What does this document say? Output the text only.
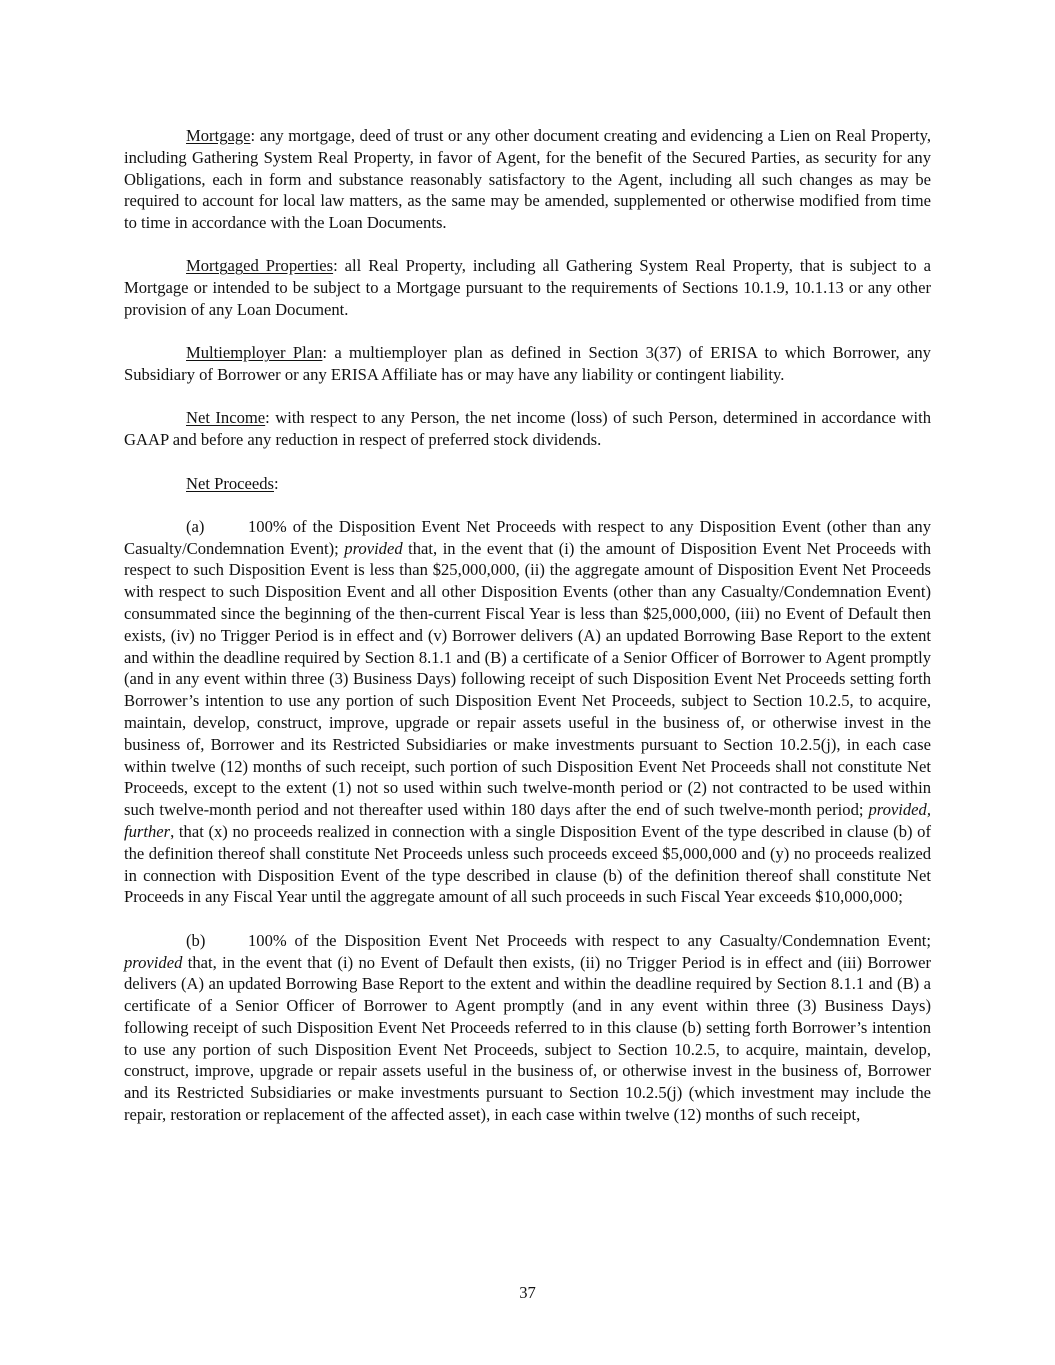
Mortgage: any mortgage, deed of trust or any other document creating and evidencing a Lien on Real Property, including Gathering System Real Property, in favor of Agent, for the benefit of the Secured Parties, as security for any Obligations, each in form and substance reasonably satisfactory to the Agent, including all such changes as may be required to account for local law matters, as the same may be amended, supplemented or otherwise modified from time to time in accordance with the Loan Documents.

Mortgaged Properties: all Real Property, including all Gathering System Real Property, that is subject to a Mortgage or intended to be subject to a Mortgage pursuant to the requirements of Sections 10.1.9, 10.1.13 or any other provision of any Loan Document.

Multiemployer Plan: a multiemployer plan as defined in Section 3(37) of ERISA to which Borrower, any Subsidiary of Borrower or any ERISA Affiliate has or may have any liability or contingent liability.

Net Income: with respect to any Person, the net income (loss) of such Person, determined in accordance with GAAP and before any reduction in respect of preferred stock dividends.

Net Proceeds:

(a)	100% of the Disposition Event Net Proceeds with respect to any Disposition Event (other than any Casualty/Condemnation Event); provided that, in the event that (i) the amount of Disposition Event Net Proceeds with respect to such Disposition Event is less than $25,000,000, (ii) the aggregate amount of Disposition Event Net Proceeds with respect to such Disposition Event and all other Disposition Events (other than any Casualty/Condemnation Event) consummated since the beginning of the then-current Fiscal Year is less than $25,000,000, (iii) no Event of Default then exists, (iv) no Trigger Period is in effect and (v) Borrower delivers (A) an updated Borrowing Base Report to the extent and within the deadline required by Section 8.1.1 and (B) a certificate of a Senior Officer of Borrower to Agent promptly (and in any event within three (3) Business Days) following receipt of such Disposition Event Net Proceeds setting forth Borrower’s intention to use any portion of such Disposition Event Net Proceeds, subject to Section 10.2.5, to acquire, maintain, develop, construct, improve, upgrade or repair assets useful in the business of, or otherwise invest in the business of, Borrower and its Restricted Subsidiaries or make investments pursuant to Section 10.2.5(j), in each case within twelve (12) months of such receipt, such portion of such Disposition Event Net Proceeds shall not constitute Net Proceeds, except to the extent (1) not so used within such twelve-month period or (2) not contracted to be used within such twelve-month period and not thereafter used within 180 days after the end of such twelve-month period; provided, further, that (x) no proceeds realized in connection with a single Disposition Event of the type described in clause (b) of the definition thereof shall constitute Net Proceeds unless such proceeds exceed $5,000,000 and (y) no proceeds realized in connection with Disposition Event of the type described in clause (b) of the definition thereof shall constitute Net Proceeds in any Fiscal Year until the aggregate amount of all such proceeds in such Fiscal Year exceeds $10,000,000;

(b)	100% of the Disposition Event Net Proceeds with respect to any Casualty/Condemnation Event; provided that, in the event that (i) no Event of Default then exists, (ii) no Trigger Period is in effect and (iii) Borrower delivers (A) an updated Borrowing Base Report to the extent and within the deadline required by Section 8.1.1 and (B) a certificate of a Senior Officer of Borrower to Agent promptly (and in any event within three (3) Business Days) following receipt of such Disposition Event Net Proceeds referred to in this clause (b) setting forth Borrower’s intention to use any portion of such Disposition Event Net Proceeds, subject to Section 10.2.5, to acquire, maintain, develop, construct, improve, upgrade or repair assets useful in the business of, or otherwise invest in the business of, Borrower and its Restricted Subsidiaries or make investments pursuant to Section 10.2.5(j) (which investment may include the repair, restoration or replacement of the affected asset), in each case within twelve (12) months of such receipt,

37
